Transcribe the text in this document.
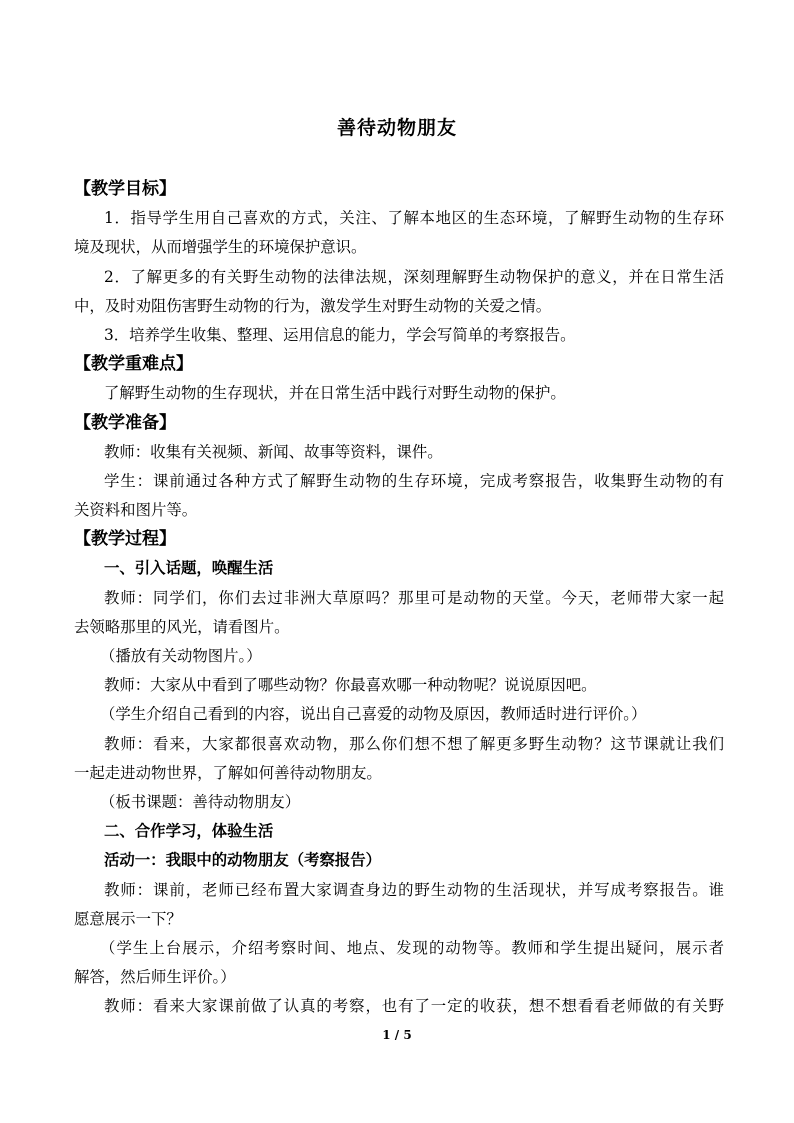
善待动物朋友
【教学目标】
1．指导学生用自己喜欢的方式，关注、了解本地区的生态环境，了解野生动物的生存环
境及现状，从而增强学生的环境保护意识。
2．了解更多的有关野生动物的法律法规，深刻理解野生动物保护的意义，并在日常生活
中，及时劝阻伤害野生动物的行为，激发学生对野生动物的关爱之情。
3．培养学生收集、整理、运用信息的能力，学会写简单的考察报告。
【教学重难点】
了解野生动物的生存现状，并在日常生活中践行对野生动物的保护。
【教学准备】
教师：收集有关视频、新闻、故事等资料，课件。
学生：课前通过各种方式了解野生动物的生存环境，完成考察报告，收集野生动物的有
关资料和图片等。
【教学过程】
一、引入话题，唤醒生活
教师：同学们，你们去过非洲大草原吗？那里可是动物的天堂。今天，老师带大家一起
去领略那里的风光，请看图片。
（播放有关动物图片。）
教师：大家从中看到了哪些动物？你最喜欢哪一种动物呢？说说原因吧。
（学生介绍自己看到的内容，说出自己喜爱的动物及原因，教师适时进行评价。）
教师：看来，大家都很喜欢动物，那么你们想不想了解更多野生动物？这节课就让我们
一起走进动物世界，了解如何善待动物朋友。
（板书课题：善待动物朋友）
二、合作学习，体验生活
活动一：我眼中的动物朋友（考察报告）
教师：课前，老师已经布置大家调查身边的野生动物的生活现状，并写成考察报告。谁
愿意展示一下？
（学生上台展示，介绍考察时间、地点、发现的动物等。教师和学生提出疑问，展示者
解答，然后师生评价。）
教师：看来大家课前做了认真的考察，也有了一定的收获，想不想看看老师做的有关野
1 / 5
